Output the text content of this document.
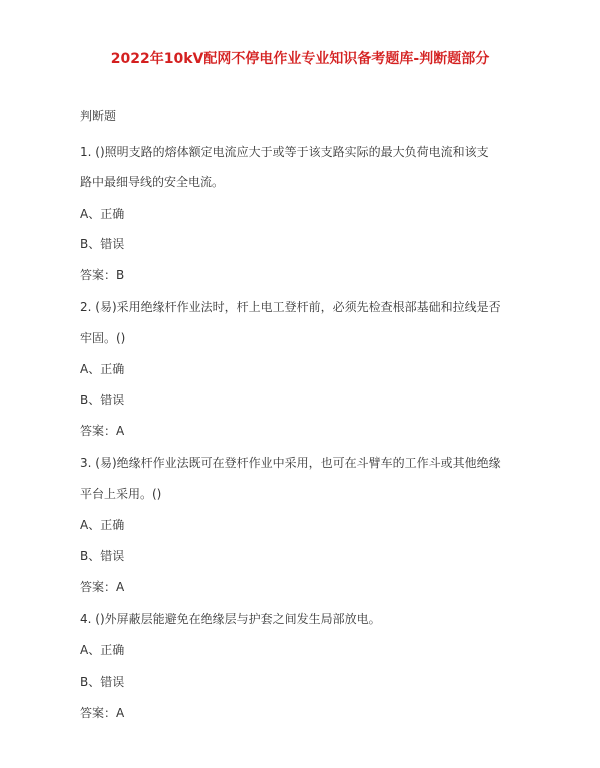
2022年10kV配网不停电作业专业知识备考题库-判断题部分
判断题
1. ()照明支路的熔体额定电流应大于或等于该支路实际的最大负荷电流和该支
路中最细导线的安全电流。
A、正确
B、错误
答案：B
2. (易)采用绝缘杆作业法时，杆上电工登杆前，必须先检查根部基础和拉线是否
牢固。()
A、正确
B、错误
答案：A
3. (易)绝缘杆作业法既可在登杆作业中采用，也可在斗臂车的工作斗或其他绝缘
平台上采用。()
A、正确
B、错误
答案：A
4. ()外屏蔽层能避免在绝缘层与护套之间发生局部放电。
A、正确
B、错误
答案：A
